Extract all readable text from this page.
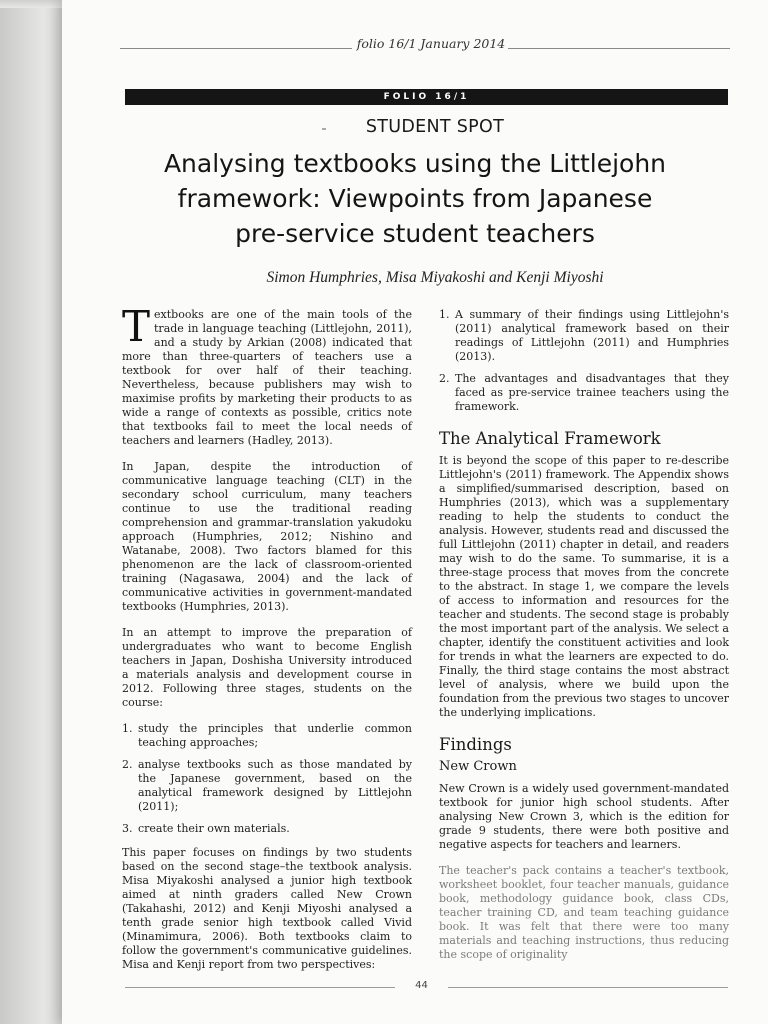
folio 16/1 January 2014
FOLIO 16/1
STUDENT SPOT
Analysing textbooks using the Littlejohn
framework: Viewpoints from Japanese
pre-service student teachers
Simon Humphries, Misa Miyakoshi and Kenji Miyoshi

Textbooks are one of the main tools of the trade in language teaching (Littlejohn, 2011), and a study by Arkian (2008) indicated that more than three-quarters of teachers use a textbook for over half of their teaching. Nevertheless, because publishers may wish to maximise profits by marketing their products to as wide a range of contexts as possible, critics note that textbooks fail to meet the local needs of teachers and learners (Hadley, 2013).

In Japan, despite the introduction of communicative language teaching (CLT) in the secondary school curriculum, many teachers continue to use the traditional reading comprehension and grammar-translation yakudoku approach (Humphries, 2012; Nishino and Watanabe, 2008). Two factors blamed for this phenomenon are the lack of classroom-oriented training (Nagasawa, 2004) and the lack of communicative activities in government-mandated textbooks (Humphries, 2013).

In an attempt to improve the preparation of undergraduates who want to become English teachers in Japan, Doshisha University introduced a materials analysis and development course in 2012. Following three stages, students on the course:

1. study the principles that underlie common teaching approaches;
2. analyse textbooks such as those mandated by the Japanese government, based on the analytical framework designed by Littlejohn (2011);
3. create their own materials.

This paper focuses on findings by two students based on the second stage–the textbook analysis. Misa Miyakoshi analysed a junior high textbook aimed at ninth graders called New Crown (Takahashi, 2012) and Kenji Miyoshi analysed a tenth grade senior high textbook called Vivid (Minamimura, 2006). Both textbooks claim to follow the government's communicative guidelines. Misa and Kenji report from two perspectives:

1. A summary of their findings using Littlejohn's (2011) analytical framework based on their readings of Littlejohn (2011) and Humphries (2013).
2. The advantages and disadvantages that they faced as pre-service trainee teachers using the framework.
The Analytical Framework

It is beyond the scope of this paper to re-describe Littlejohn's (2011) framework. The Appendix shows a simplified/summarised description, based on Humphries (2013), which was a supplementary reading to help the students to conduct the analysis. However, students read and discussed the full Littlejohn (2011) chapter in detail, and readers may wish to do the same. To summarise, it is a three-stage process that moves from the concrete to the abstract. In stage 1, we compare the levels of access to information and resources for the teacher and students. The second stage is probably the most important part of the analysis. We select a chapter, identify the constituent activities and look for trends in what the learners are expected to do. Finally, the third stage contains the most abstract level of analysis, where we build upon the foundation from the previous two stages to uncover the underlying implications.

Findings
New Crown

New Crown is a widely used government-mandated textbook for junior high school students. After analysing New Crown 3, which is the edition for grade 9 students, there were both positive and negative aspects for teachers and learners.

The teacher's pack contains a teacher's textbook, worksheet booklet, four teacher manuals, guidance book, methodology guidance book, class CDs, teacher training CD, and team teaching guidance book. It was felt that there were too many materials and teaching instructions, thus reducing the scope of originality

44
